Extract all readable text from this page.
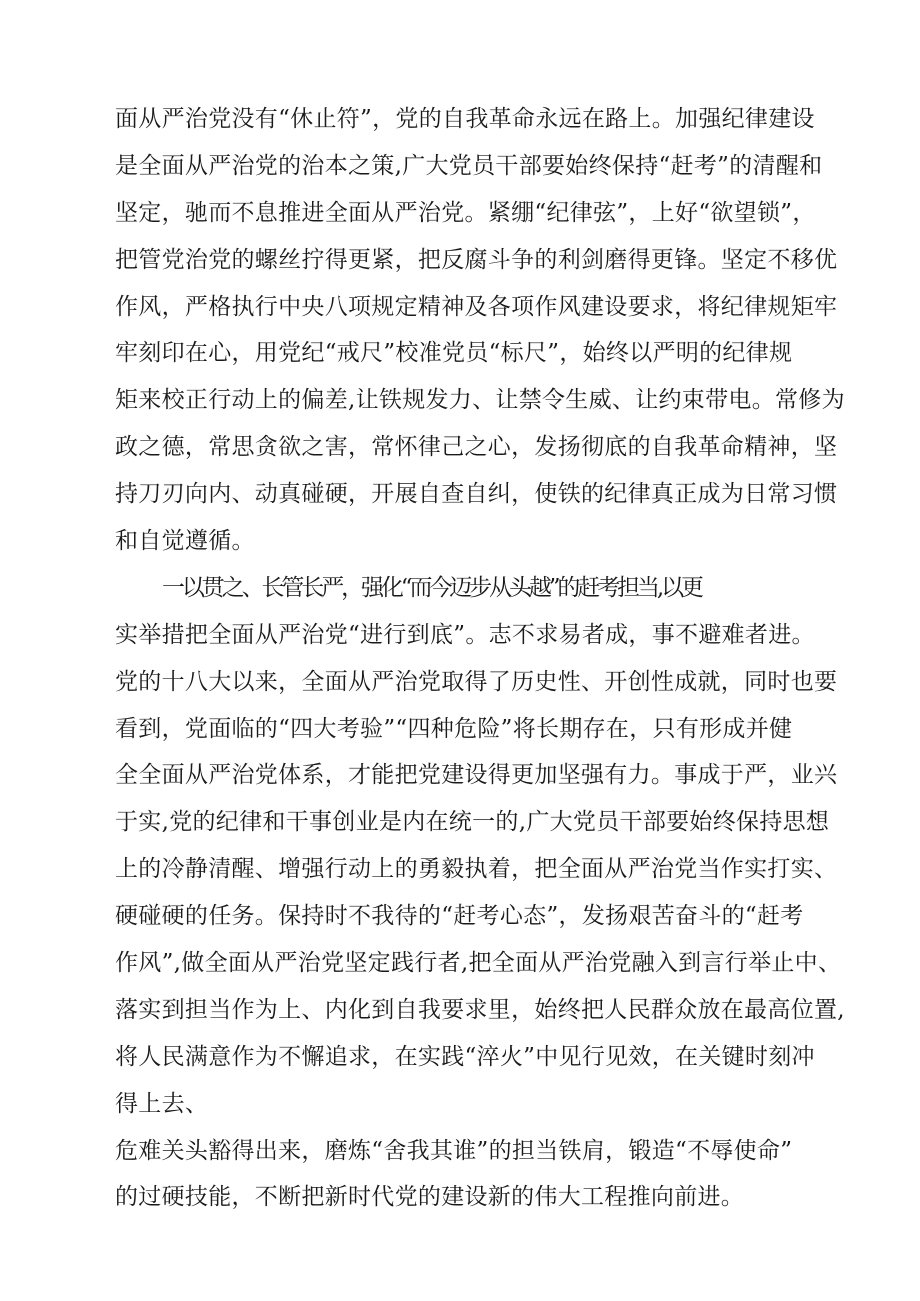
面从严治党没有“休止符”，党的自我革命永远在路上。加强纪律建设
是全面从严治党的治本之策,广大党员干部要始终保持“赶考”的清醒和
坚定，驰而不息推进全面从严治党。紧绷“纪律弦”，上好“欲望锁”，
把管党治党的螺丝拧得更紧，把反腐斗争的利剑磨得更锋。坚定不移优
作风，严格执行中央八项规定精神及各项作风建设要求，将纪律规矩牢
牢刻印在心，用党纪“戒尺”校准党员“标尺”，始终以严明的纪律规
矩来校正行动上的偏差,让铁规发力、让禁令生威、让约束带电。常修为
政之德，常思贪欲之害，常怀律己之心，发扬彻底的自我革命精神，坚
持刀刃向内、动真碰硬，开展自查自纠，使铁的纪律真正成为日常习惯
和自觉遵循。
一以贯之、长管长严，强化“而今迈步从头越”的赶考担当,以更
实举措把全面从严治党“进行到底”。志不求易者成，事不避难者进。
党的十八大以来，全面从严治党取得了历史性、开创性成就，同时也要
看到，党面临的“四大考验”“四种危险”将长期存在，只有形成并健
全全面从严治党体系，才能把党建设得更加坚强有力。事成于严，业兴
于实,党的纪律和干事创业是内在统一的,广大党员干部要始终保持思想
上的冷静清醒、增强行动上的勇毅执着，把全面从严治党当作实打实、
硬碰硬的任务。保持时不我待的“赶考心态”，发扬艰苦奋斗的“赶考
作风”,做全面从严治党坚定践行者,把全面从严治党融入到言行举止中、
落实到担当作为上、内化到自我要求里，始终把人民群众放在最高位置,
将人民满意作为不懈追求，在实践“淬火”中见行见效，在关键时刻冲
得上去、
危难关头豁得出来，磨炼“舍我其谁”的担当铁肩，锻造“不辱使命”
的过硬技能，不断把新时代党的建设新的伟大工程推向前进。
